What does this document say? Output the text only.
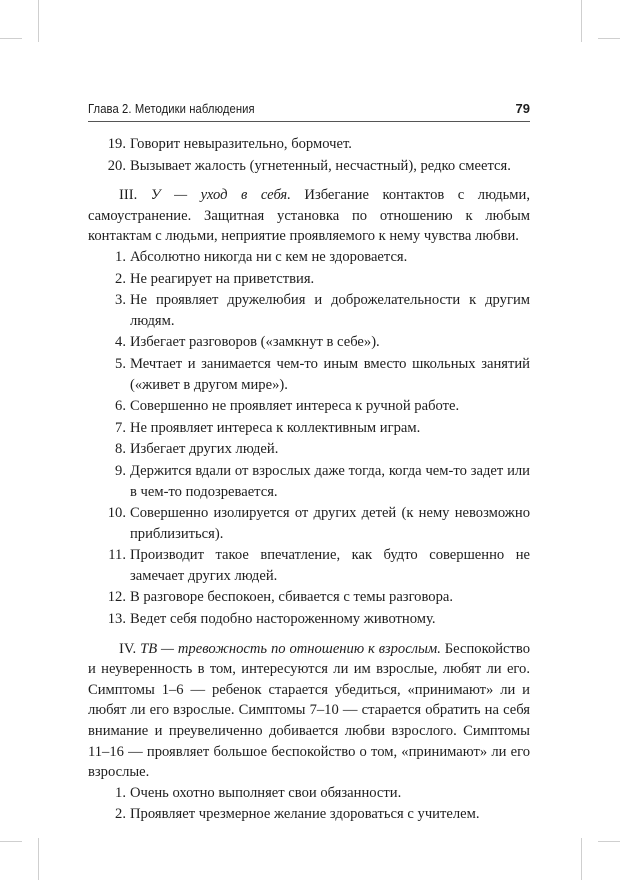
Глава 2. Методики наблюдения	79
19. Говорит невыразительно, бормочет.
20. Вызывает жалость (угнетенный, несчастный), редко смеется.

III. У — уход в себя. Избегание контактов с людьми, самоустранение. Защитная установка по отношению к любым контактам с людьми, неприятие проявляемого к нему чувства любви.

1. Абсолютно никогда ни с кем не здоровается.
2. Не реагирует на приветствия.
3. Не проявляет дружелюбия и доброжелательности к другим людям.
4. Избегает разговоров («замкнут в себе»).
5. Мечтает и занимается чем-то иным вместо школьных занятий («живет в другом мире»).
6. Совершенно не проявляет интереса к ручной работе.
7. Не проявляет интереса к коллективным играм.
8. Избегает других людей.
9. Держится вдали от взрослых даже тогда, когда чем-то задет или в чем-то подозревается.
10. Совершенно изолируется от других детей (к нему невозможно приблизиться).
11. Производит такое впечатление, как будто совершенно не замечает других людей.
12. В разговоре беспокоен, сбивается с темы разговора.
13. Ведет себя подобно настороженному животному.

IV. ТВ — тревожность по отношению к взрослым. Беспокойство и неуверенность в том, интересуются ли им взрослые, любят ли его. Симптомы 1–6 — ребенок старается убедиться, «принимают» ли и любят ли его взрослые. Симптомы 7–10 — старается обратить на себя внимание и преувеличенно добивается любви взрослого. Симптомы 11–16 — проявляет большое беспокойство о том, «принимают» ли его взрослые.

1. Очень охотно выполняет свои обязанности.
2. Проявляет чрезмерное желание здороваться с учителем.
